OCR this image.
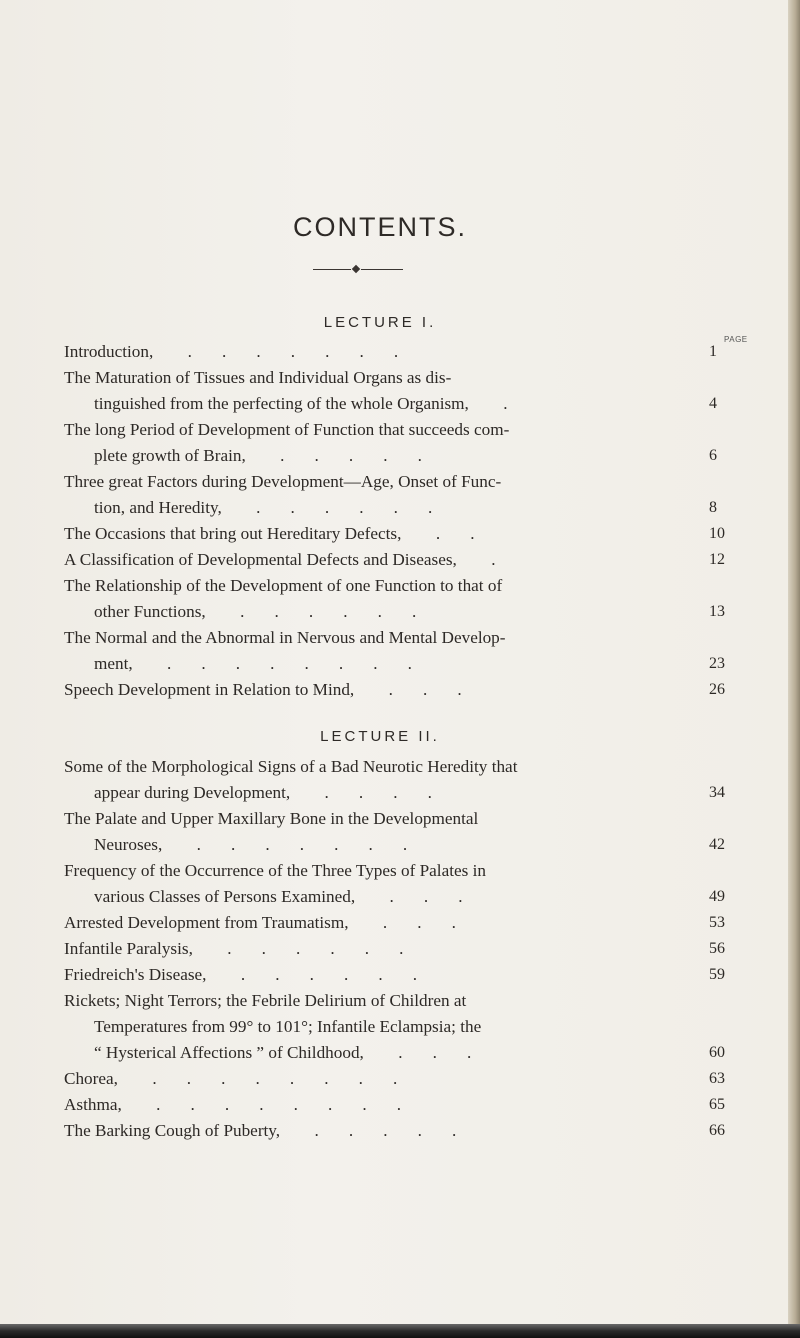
CONTENTS.
LECTURE I.
PAGE
LECTURE II.
Introduction,        .       .       .       .       .       .       .	1
The Maturation of Tissues and Individual Organs as dis-
tinguished from the perfecting of the whole Organism,        .	4
The long Period of Development of Function that succeeds com-
plete growth of Brain,        .       .       .       .       .	6
Three great Factors during Development—Age, Onset of Func-
tion, and Heredity,        .       .       .       .       .       .	8
The Occasions that bring out Hereditary Defects,        .       .	10
A Classification of Developmental Defects and Diseases,        .	12
The Relationship of the Development of one Function to that of
other Functions,        .       .       .       .       .       .	13
The Normal and the Abnormal in Nervous and Mental Develop-
ment,        .       .       .       .       .       .       .       .	23
Speech Development in Relation to Mind,        .       .       .	26
Some of the Morphological Signs of a Bad Neurotic Heredity that
appear during Development,        .       .       .       .	34
The Palate and Upper Maxillary Bone in the Developmental
Neuroses,        .       .       .       .       .       .       .	42
Frequency of the Occurrence of the Three Types of Palates in
various Classes of Persons Examined,        .       .       .	49
Arrested Development from Traumatism,        .       .       .	53
Infantile Paralysis,        .       .       .       .       .       .	56
Friedreich's Disease,        .       .       .       .       .       .	59
Rickets; Night Terrors; the Febrile Delirium of Children at
Temperatures from 99° to 101°; Infantile Eclampsia; the
“ Hysterical Affections ” of Childhood,        .       .       .	60
Chorea,        .       .       .       .       .       .       .       .	63
Asthma,        .       .       .       .       .       .       .       .	65
The Barking Cough of Puberty,        .       .       .       .       .	66
